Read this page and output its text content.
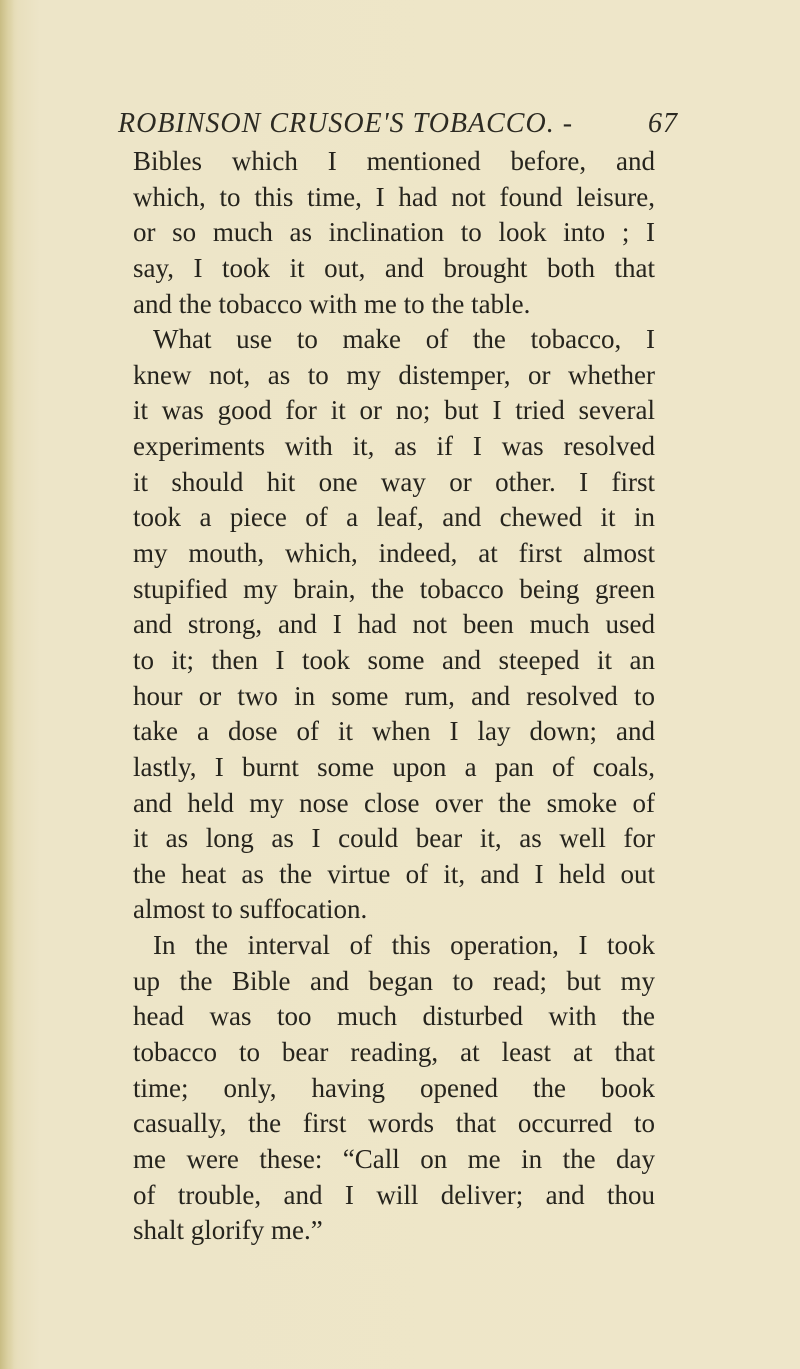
ROBINSON CRUSOE'S TOBACCO. -	67
Bibles which I mentioned before, and
which, to this time, I had not found leisure,
or so much as inclination to look into ; I
say, I took it out, and brought both that
and the tobacco with me to the table.
What use to make of the tobacco, I
knew not, as to my distemper, or whether
it was good for it or no; but I tried several
experiments with it, as if I was resolved
it should hit one way or other. I first
took a piece of a leaf, and chewed it in
my mouth, which, indeed, at first almost
stupified my brain, the tobacco being green
and strong, and I had not been much used
to it; then I took some and steeped it an
hour or two in some rum, and resolved to
take a dose of it when I lay down; and
lastly, I burnt some upon a pan of coals,
and held my nose close over the smoke of
it as long as I could bear it, as well for
the heat as the virtue of it, and I held out
almost to suffocation.
In the interval of this operation, I took
up the Bible and began to read; but my
head was too much disturbed with the
tobacco to bear reading, at least at that
time; only, having opened the book
casually, the first words that occurred to
me were these: “Call on me in the day
of trouble, and I will deliver; and thou
shalt glorify me.”
